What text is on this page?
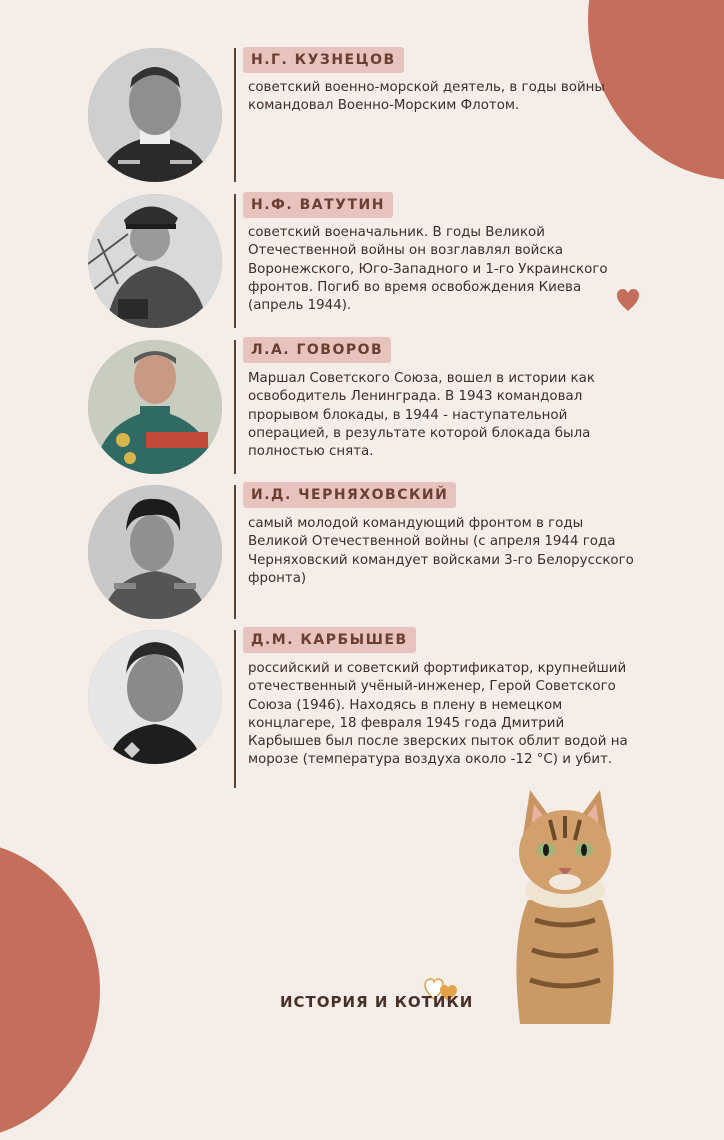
Н.Г. КУЗНЕЦОВ

советский военно-морской деятель, в годы войны командовал Военно-Морским Флотом.

Н.Ф. ВАТУТИН

советский военачальник. В годы Великой Отечественной войны он возглавлял войска Воронежского, Юго-Западного и 1-го Украинского фронтов. Погиб во время освобождения Киева (апрель 1944).

Л.А. ГОВОРОВ

Маршал Советского Союза, вошел в истории как освободитель Ленинграда. В 1943 командовал прорывом блокады, в 1944 - наступательной операцией, в результате которой блокада была полностью снята.

И.Д. ЧЕРНЯХОВСКИЙ

самый молодой командующий фронтом в годы Великой Отечественной войны (с апреля 1944 года Черняховский командует войсками 3-го Белорусского фронта)

Д.М. КАРБЫШЕВ

российский и советский фортификатор, крупнейший отечественный учёный-инженер, Герой Советского Союза (1946). Находясь в плену в немецком концлагере, 18 февраля 1945 года Дмитрий Карбышев был после зверских пыток облит водой на морозе (температура воздуха около -12 °С) и убит.

ИСТОРИЯ И КОТИКИ
